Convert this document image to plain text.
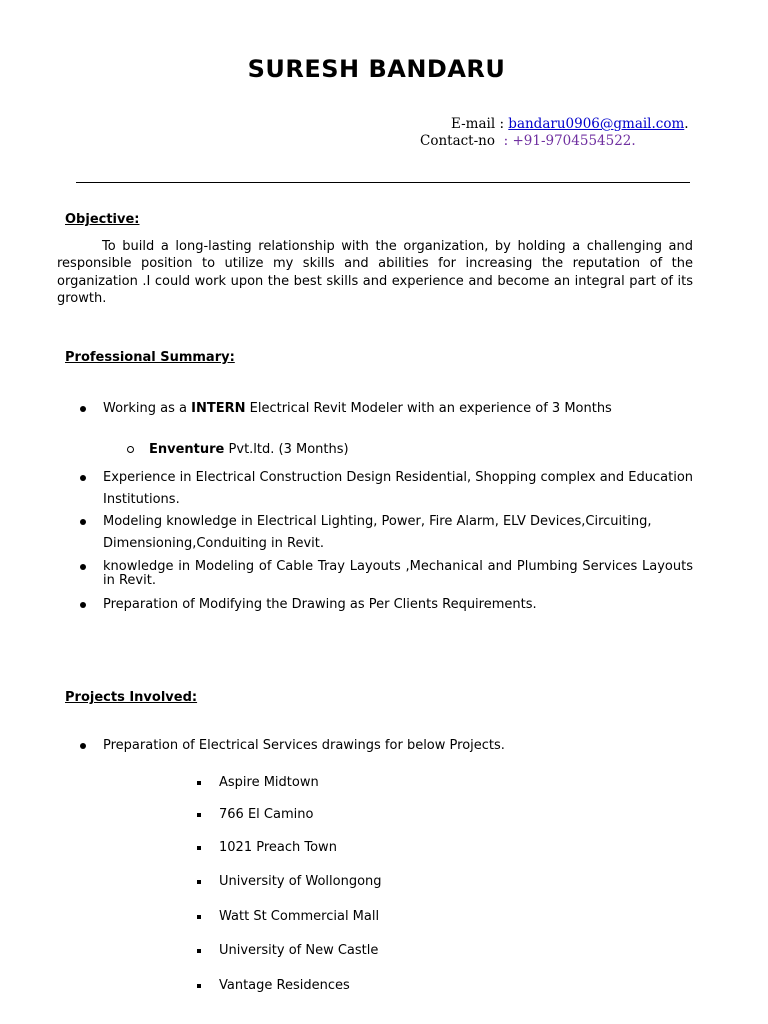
SURESH BANDARU
E-mail : bandaru0906@gmail.com.
Contact-no : +91-9704554522.
Objective:
To build a long-lasting relationship with the organization, by holding a challenging and responsible position to utilize my skills and abilities for increasing the reputation of the organization .I could work upon the best skills and experience and become an integral part of its growth.
Professional Summary:
Working as a INTERN Electrical Revit Modeler with an experience of 3 Months
Enventure Pvt.ltd. (3 Months)
Experience in Electrical Construction Design Residential, Shopping complex and Education Institutions.
Modeling knowledge in Electrical Lighting, Power, Fire Alarm, ELV Devices,Circuiting, Dimensioning,Conduiting in Revit.
knowledge in Modeling of Cable Tray Layouts ,Mechanical and Plumbing Services Layouts in Revit.
Preparation of Modifying the Drawing as Per Clients Requirements.
Projects Involved:
Preparation of Electrical Services drawings for below Projects.
Aspire Midtown
766 El Camino
1021 Preach Town
University of Wollongong
Watt St Commercial Mall
University of New Castle
Vantage Residences
